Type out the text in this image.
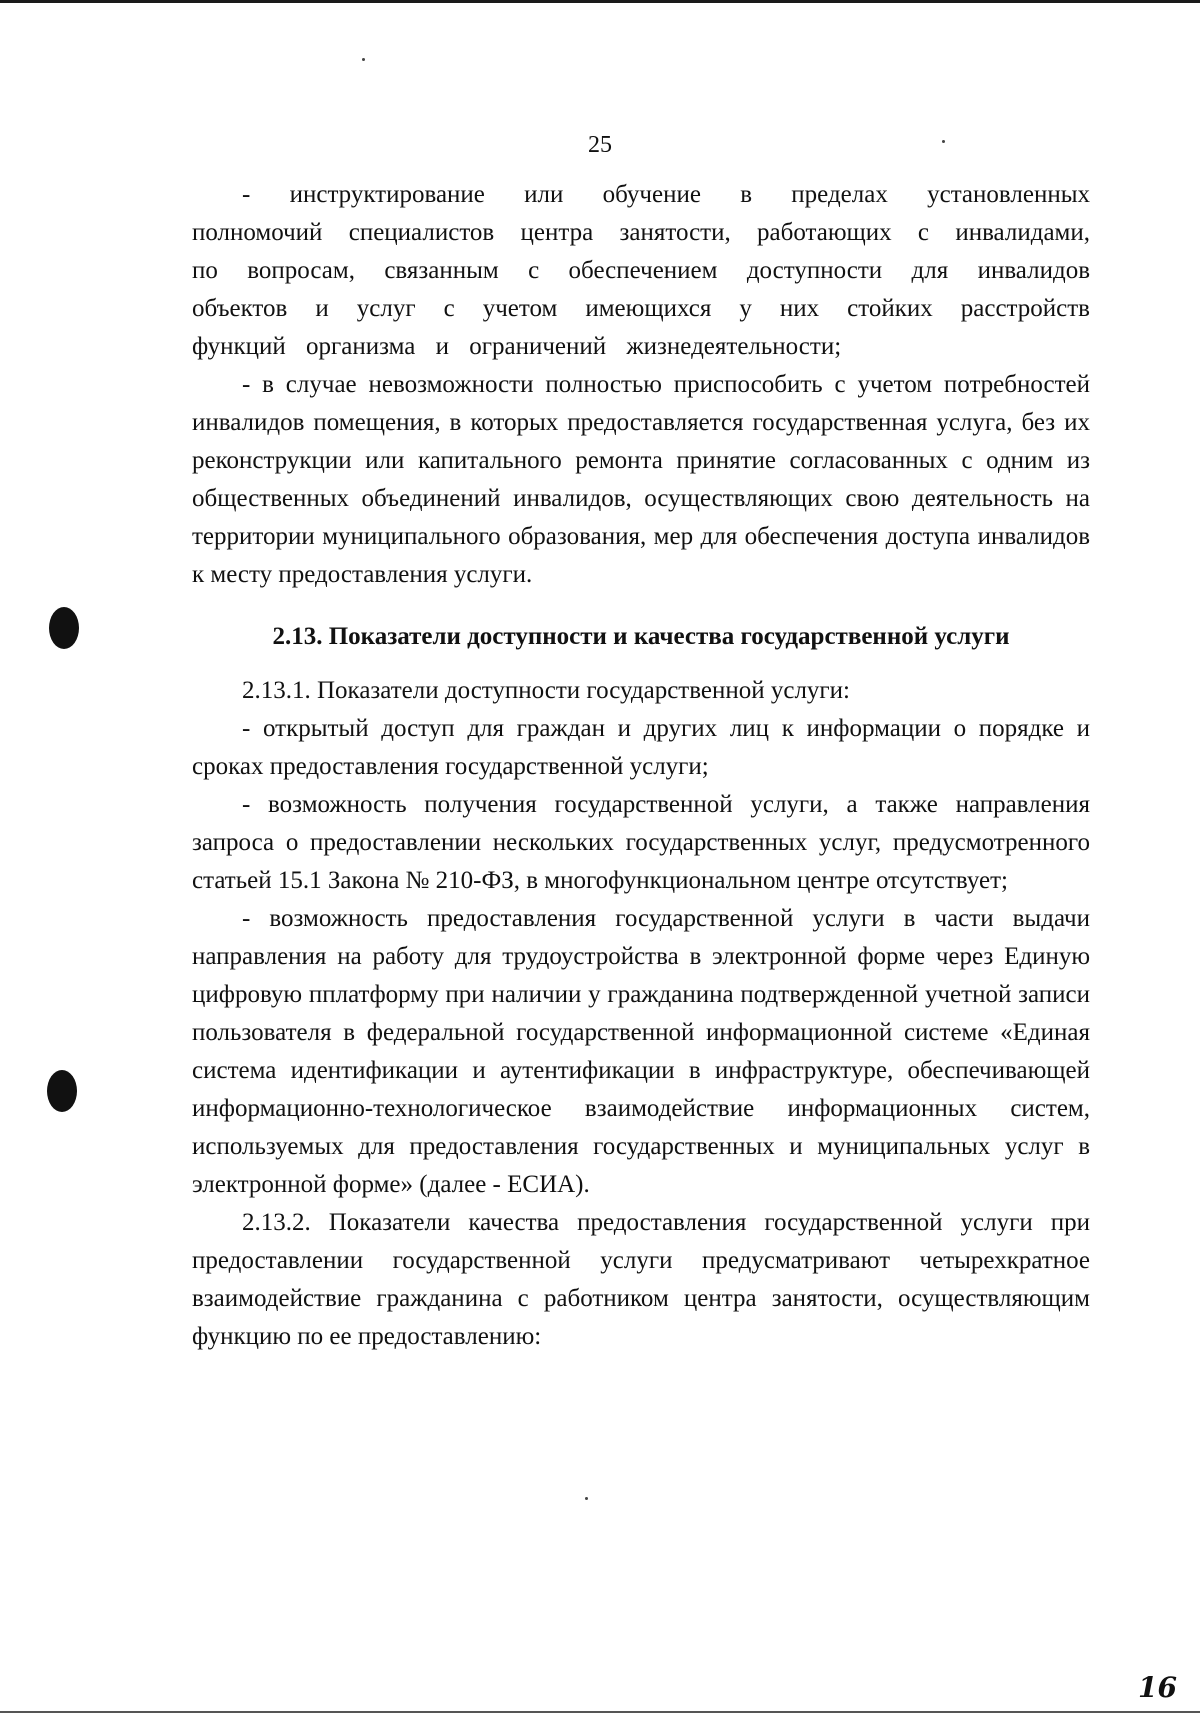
25

- инструктирование или обучение в пределах установленных полномочий специалистов центра занятости, работающих с инвалидами, по вопросам, связанным с обеспечением доступности для инвалидов объектов и услуг с учетом имеющихся у них стойких расстройств функций организма и ограничений жизнедеятельности;

- в случае невозможности полностью приспособить с учетом потребностей инвалидов помещения, в которых предоставляется государственная услуга, без их реконструкции или капитального ремонта принятие согласованных с одним из общественных объединений инвалидов, осуществляющих свою деятельность на территории муниципального образования, мер для обеспечения доступа инвалидов к месту предоставления услуги.

2.13. Показатели доступности и качества государственной услуги

2.13.1. Показатели доступности государственной услуги:

- открытый доступ для граждан и других лиц к информации о порядке и сроках предоставления государственной услуги;

- возможность получения государственной услуги, а также направления запроса о предоставлении нескольких государственных услуг, предусмотренного статьей 15.1 Закона № 210-ФЗ, в многофункциональном центре отсутствует;

- возможность предоставления государственной услуги в части выдачи направления на работу для трудоустройства в электронной форме через Единую цифровую пплатформу при наличии у гражданина подтвержденной учетной записи пользователя в федеральной государственной информационной системе «Единая система идентификации и аутентификации в инфраструктуре, обеспечивающей информационно-технологическое взаимодействие информационных систем, используемых для предоставления государственных и муниципальных услуг в электронной форме» (далее - ЕСИА).

2.13.2. Показатели качества предоставления государственной услуги при предоставлении государственной услуги предусматривают четырехкратное взаимодействие гражданина с работником центра занятости, осуществляющим функцию по ее предоставлению:

16
